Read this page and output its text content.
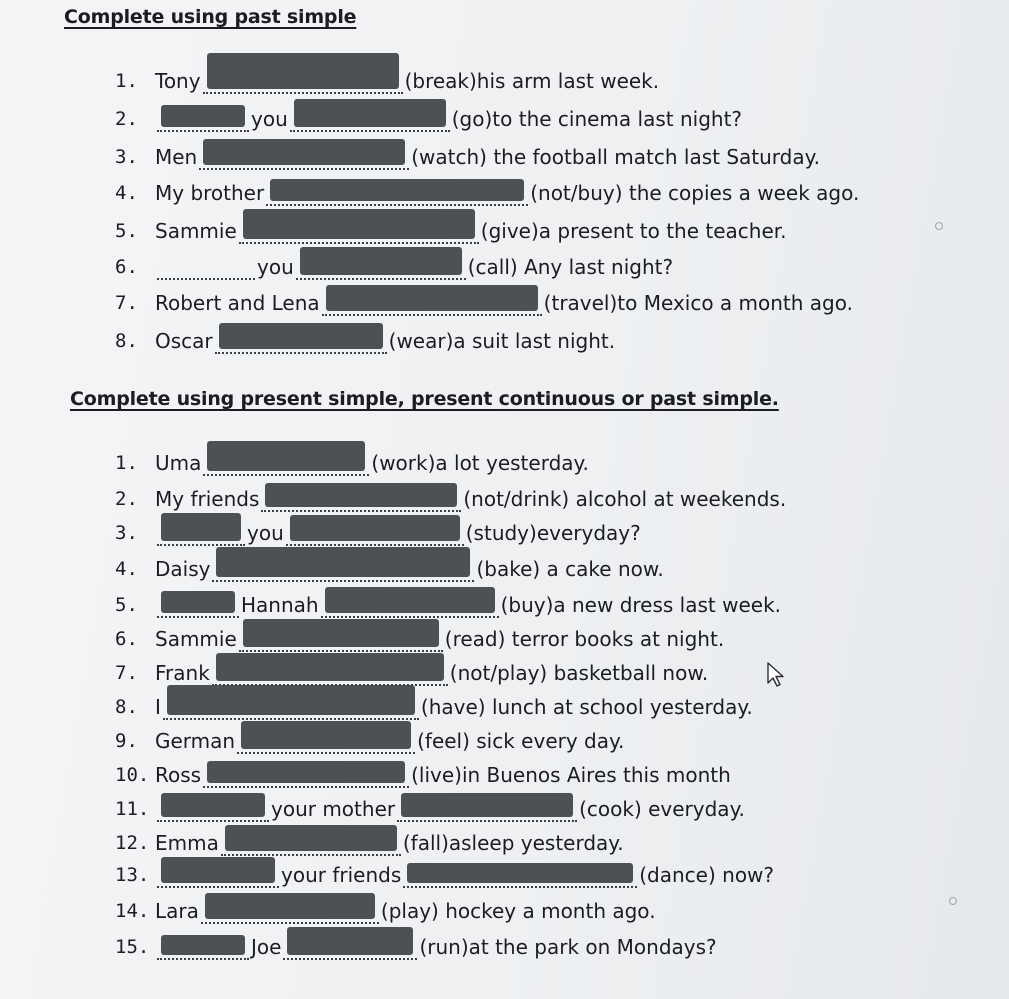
Complete using past simple
1. Tony	(break)his arm last week.
2.	you	(go)to the cinema last night?
3. Men	(watch) the football match last Saturday.
4. My brother	(not/buy) the copies a week ago.
5. Sammie	(give)a present to the teacher.
6.	you	(call) Any last night?
7. Robert and Lena	(travel)to Mexico a month ago.
8. Oscar	(wear)a suit last night.
Complete using present simple, present continuous or past simple.
1. Uma	(work)a lot yesterday.
2. My friends	(not/drink) alcohol at weekends.
3.	you	(study)everyday?
4. Daisy	(bake) a cake now.
5.	Hannah	(buy)a new dress last week.
6. Sammie	(read) terror books at night.
7. Frank	(not/play) basketball now.
8. I	(have) lunch at school yesterday.
9. German	(feel) sick every day.
10. Ross	(live)in Buenos Aires this month
11.	your mother	(cook) everyday.
12. Emma	(fall)asleep yesterday.
13.	your friends	(dance) now?
14. Lara	(play) hockey a month ago.
15.	Joe	(run)at the park on Mondays?
